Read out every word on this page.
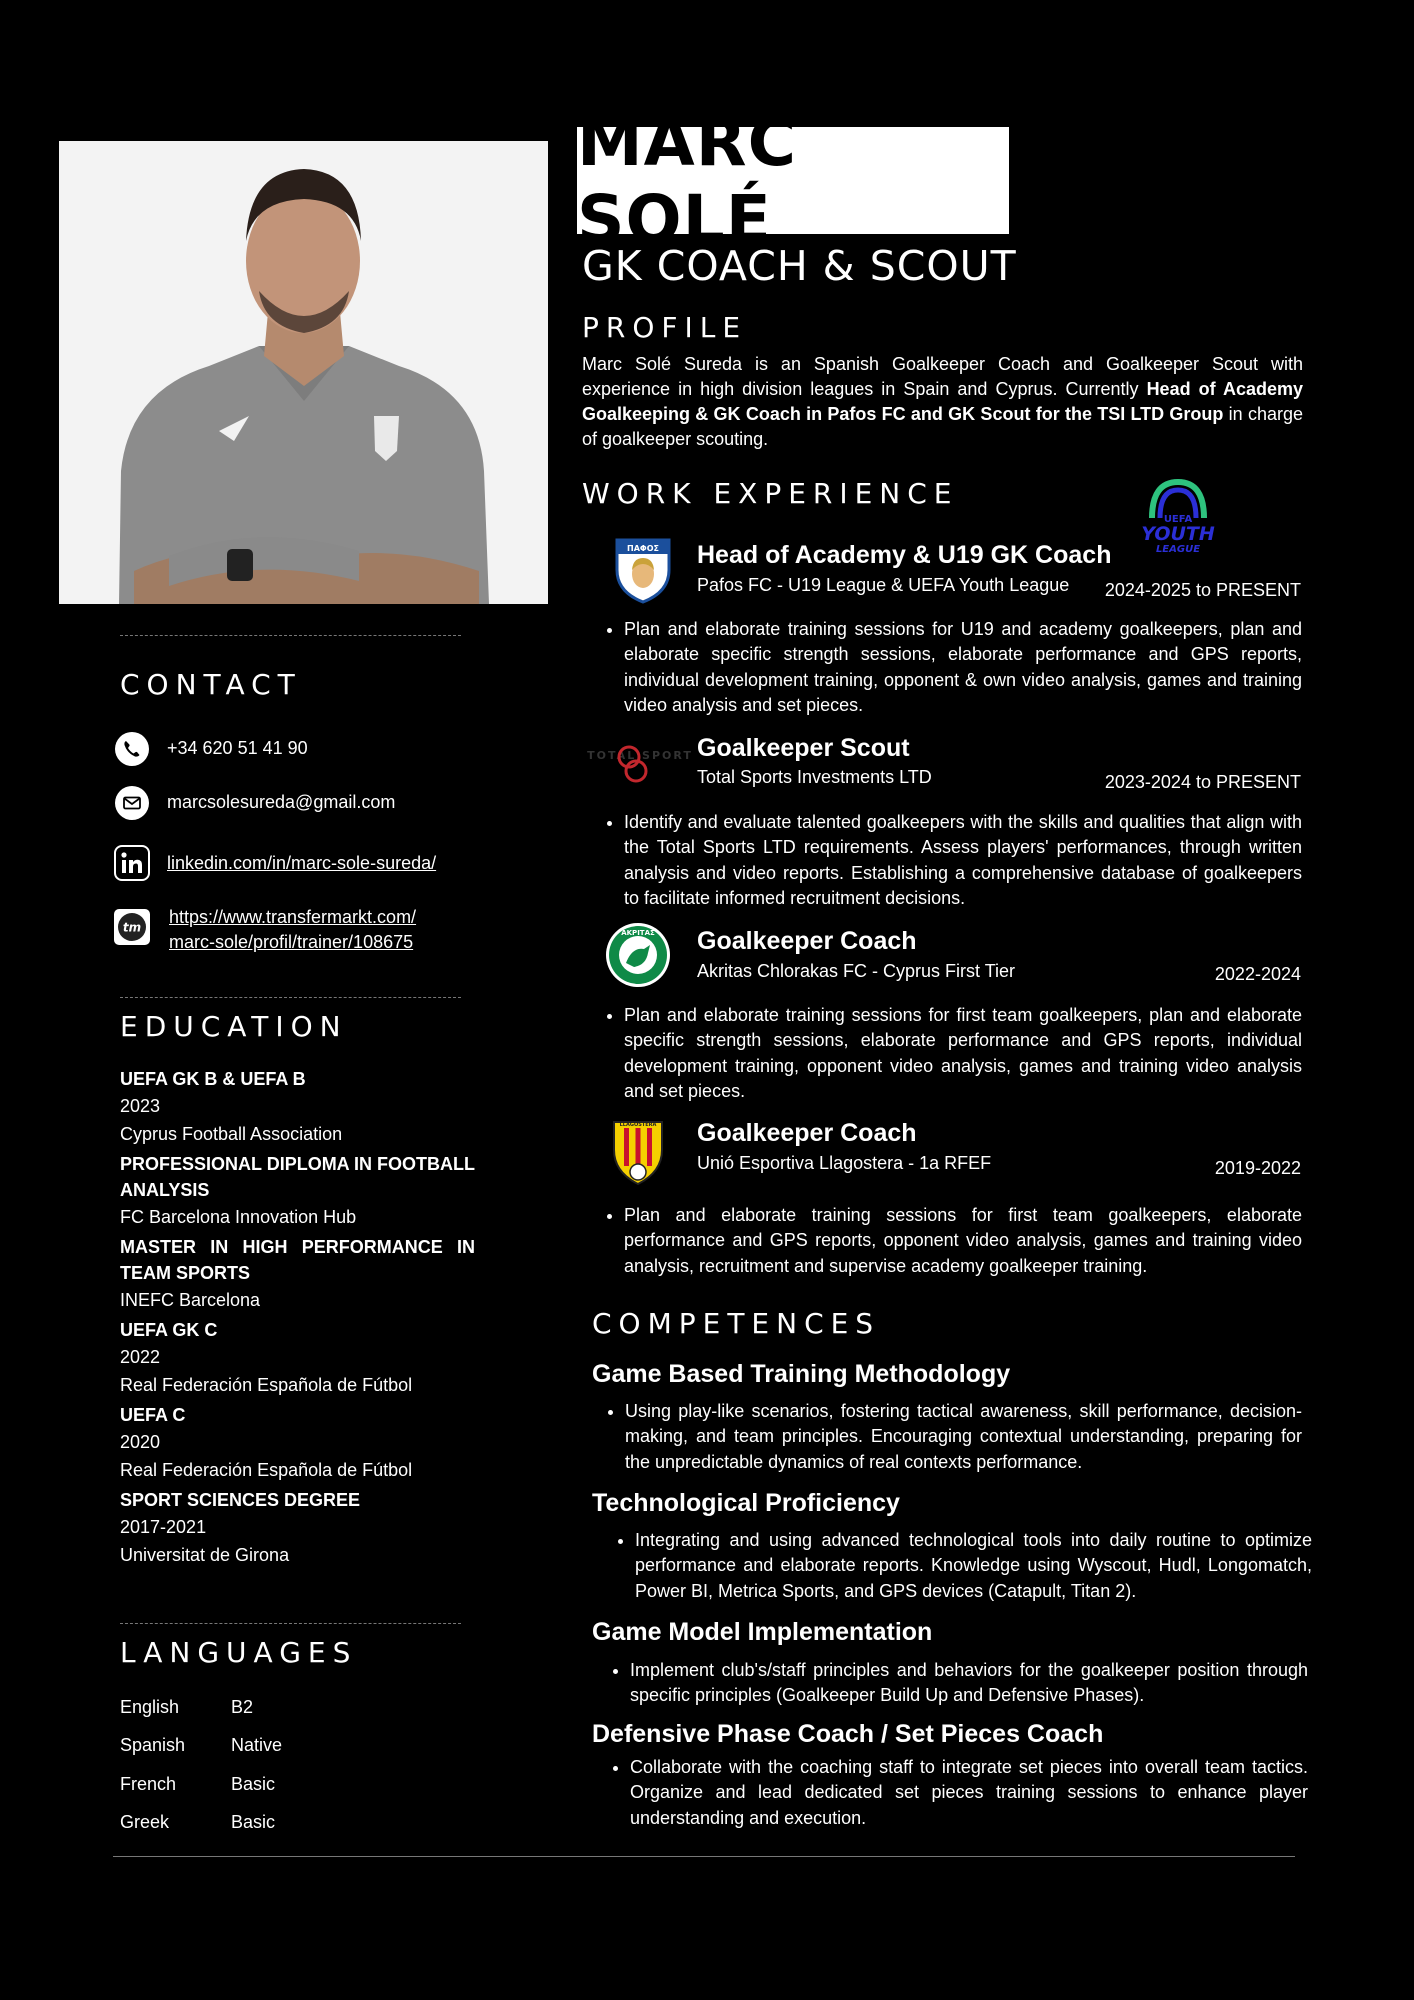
CONTACT
+34 620 51 41 90
marcsolesureda@gmail.com
linkedin.com/in/marc-sole-sureda/
tm
https://www.transfermarkt.com/
marc-sole/profil/trainer/108675
EDUCATION
UEFA GK B & UEFA B
2023
Cyprus Football Association
PROFESSIONAL DIPLOMA IN FOOTBALL ANALYSIS
FC Barcelona Innovation Hub
MASTER IN HIGH PERFORMANCE IN TEAM SPORTS
INEFC Barcelona
UEFA GK C
2022
Real Federación Española de Fútbol
UEFA C
2020
Real Federación Española de Fútbol
SPORT SCIENCES DEGREE
2017-2021
Universitat de Girona
LANGUAGES
English	B2
Spanish	Native
French	Basic
Greek	Basic
MARC SOLÉ
GK COACH & SCOUT
PROFILE

Marc Solé Sureda is an Spanish Goalkeeper Coach and Goalkeeper Scout with experience in high division leagues in Spain and Cyprus. Currently Head of Academy Goalkeeping & GK Coach in Pafos FC and GK Scout for the TSI LTD Group in charge of goalkeeper scouting.

WORK EXPERIENCE
UEFA
YOUTH
LEAGUE
ΠΑΦΟΣ Head of Academy & U19 GK Coach
Pafos FC - U19 League & UEFA Youth League 2024-2025 to PRESENT
• Plan and elaborate training sessions for U19 and academy goalkeepers, plan and elaborate specific strength sessions, elaborate performance and GPS reports, individual development training, opponent & own video analysis, games and training video analysis and set pieces.
TOTAL SPORT Goalkeeper Scout
Total Sports Investments LTD	2023-2024 to PRESENT
• Identify and evaluate talented goalkeepers with the skills and qualities that align with the Total Sports LTD requirements. Assess players' performances, through written analysis and video reports. Establishing a comprehensive database of goalkeepers to facilitate informed recruitment decisions.
ΑΚΡΙΤΑΣ Goalkeeper Coach
Akritas Chlorakas FC - Cyprus First Tier	2022-2024
• Plan and elaborate training sessions for first team goalkeepers, plan and elaborate specific strength sessions, elaborate performance and GPS reports, individual development training, opponent video analysis, games and training video analysis and set pieces.
LLAGOSTERA Goalkeeper Coach
Unió Esportiva Llagostera - 1a RFEF	2019-2022
• Plan and elaborate training sessions for first team goalkeepers, elaborate performance and GPS reports, opponent video analysis, games and training video analysis, recruitment and supervise academy goalkeeper training.
COMPETENCES
Game Based Training Methodology
• Using play-like scenarios, fostering tactical awareness, skill performance, decision-making, and team principles. Encouraging contextual understanding, preparing for the unpredictable dynamics of real contexts performance.
Technological Proficiency
• Integrating and using advanced technological tools into daily routine to optimize performance and elaborate reports. Knowledge using Wyscout, Hudl, Longomatch, Power BI, Metrica Sports, and GPS devices (Catapult, Titan 2).
Game Model Implementation
• Implement club's/staff principles and behaviors for the goalkeeper position through specific principles (Goalkeeper Build Up and Defensive Phases).
Defensive Phase Coach / Set Pieces Coach
• Collaborate with the coaching staff to integrate set pieces into overall team tactics. Organize and lead dedicated set pieces training sessions to enhance player understanding and execution.
